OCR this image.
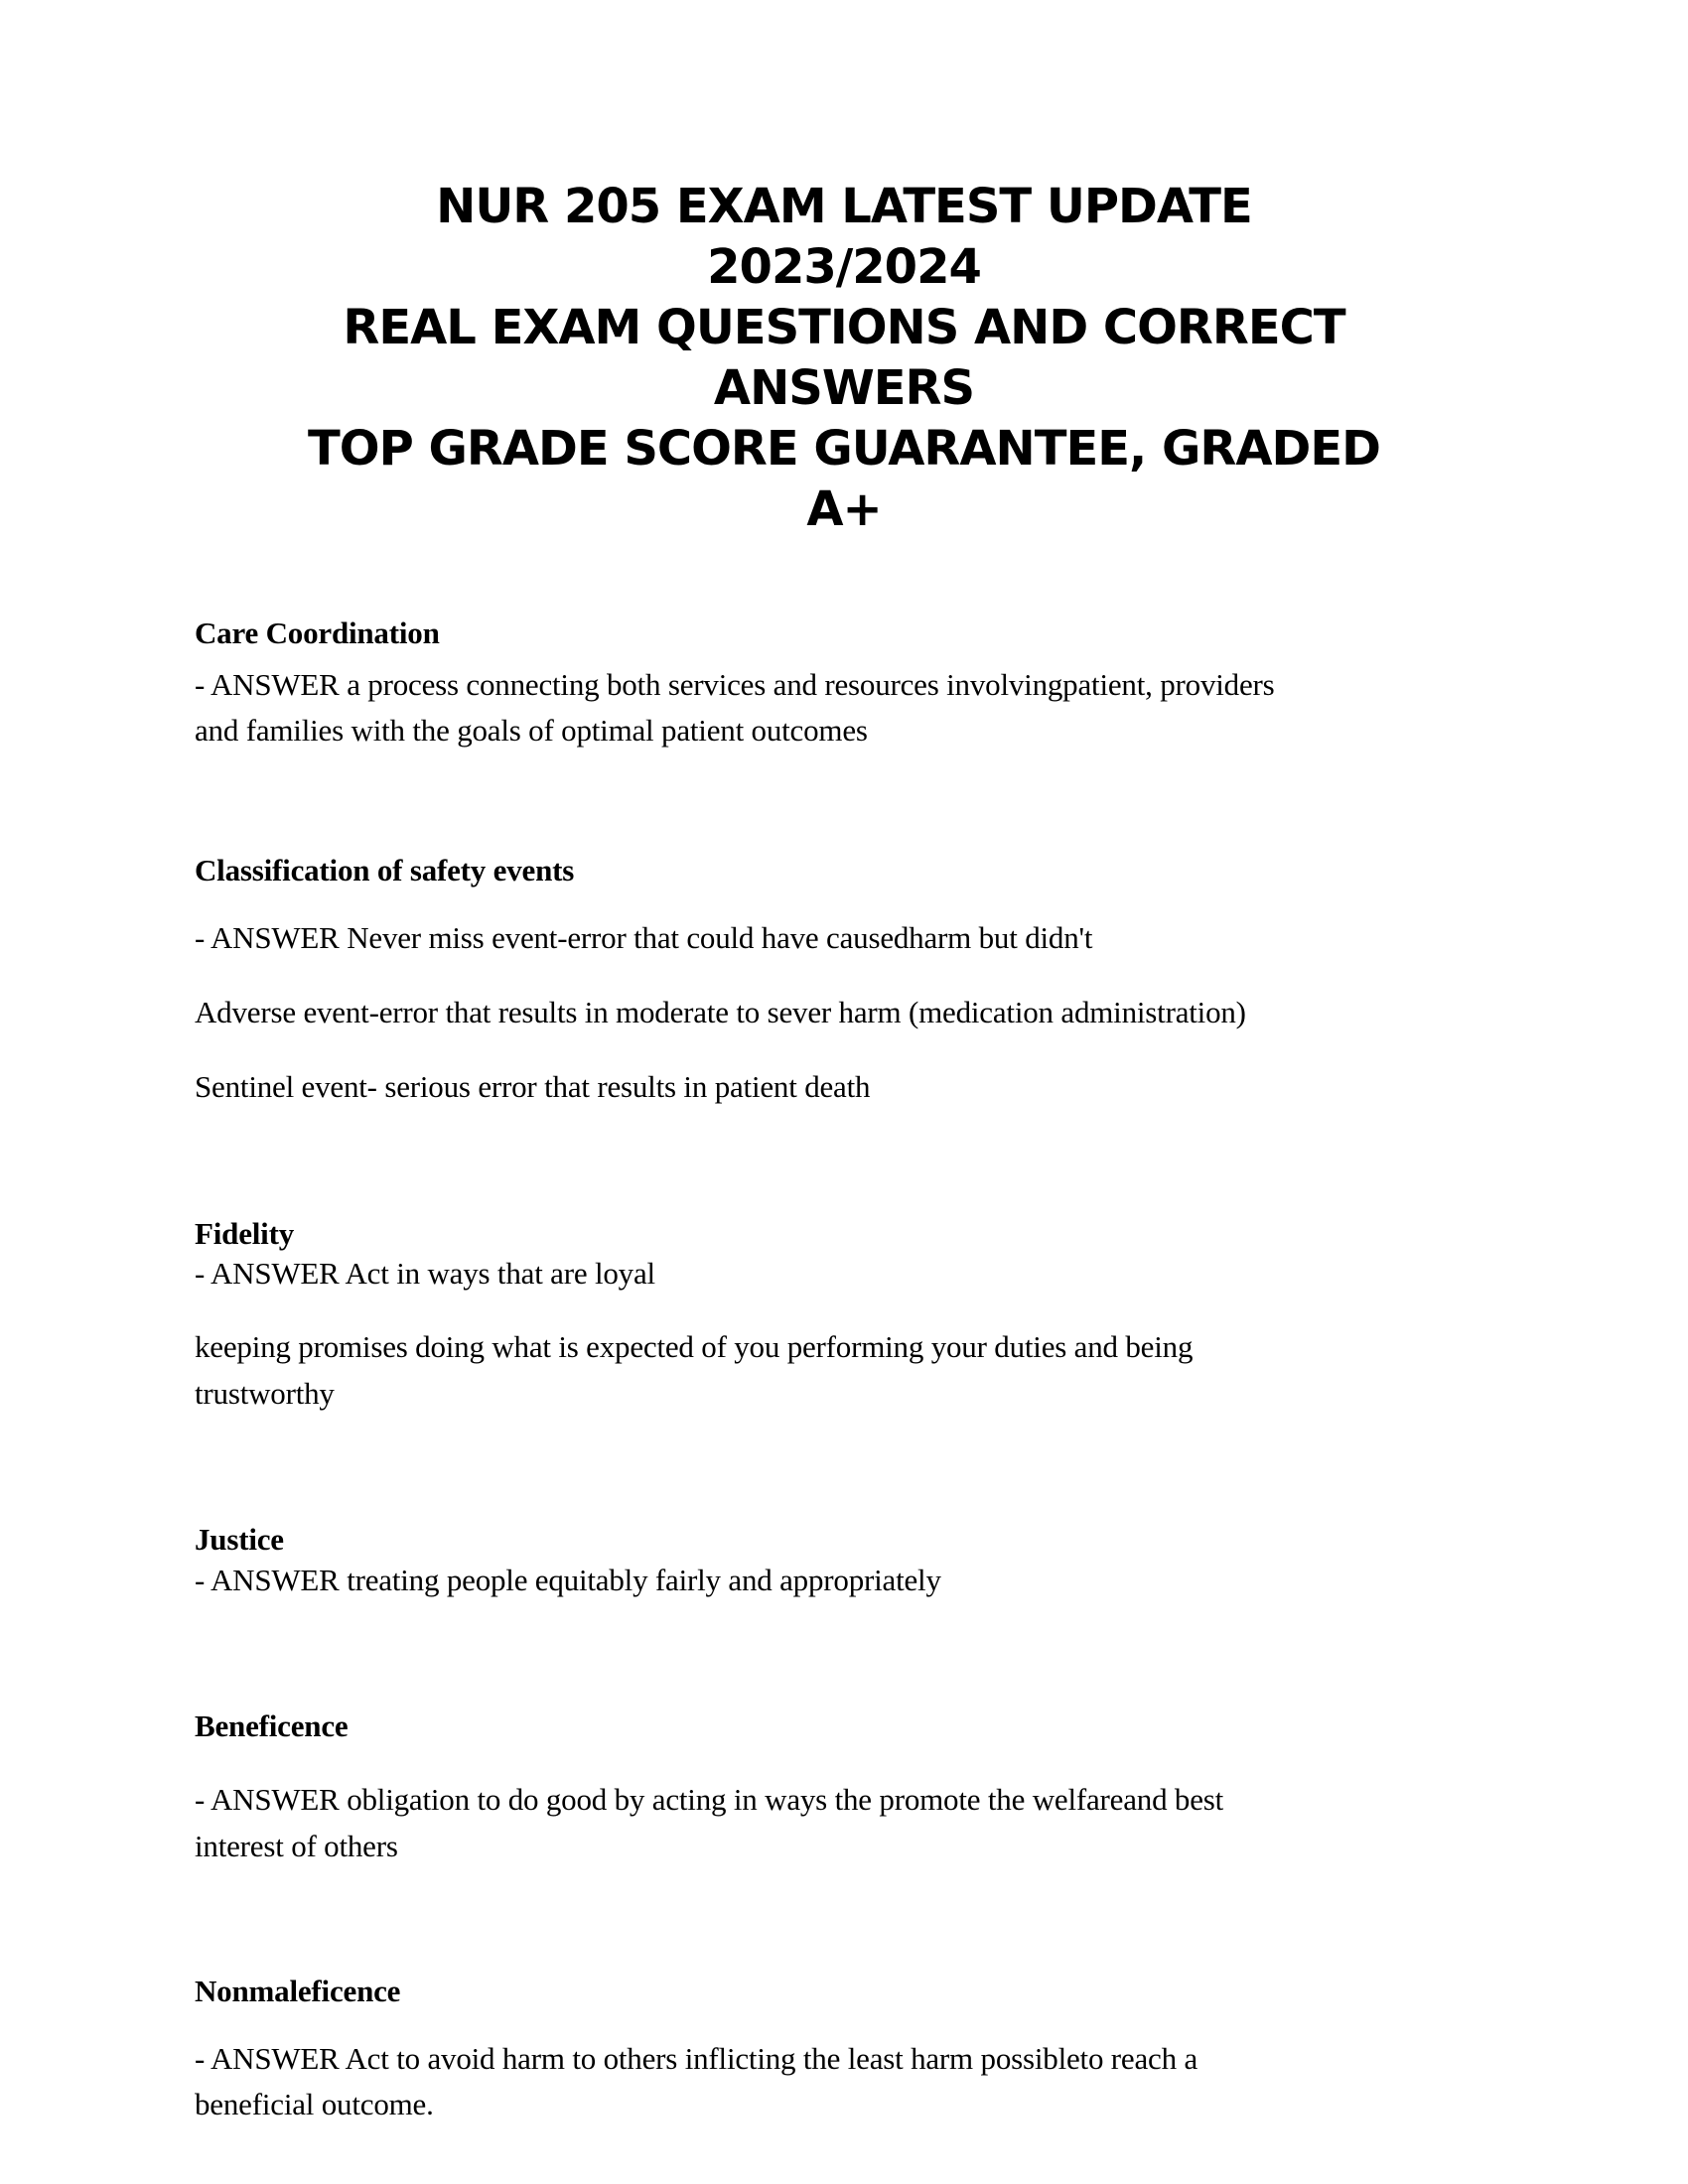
NUR 205 EXAM LATEST UPDATE
2023/2024
REAL EXAM QUESTIONS AND CORRECT
ANSWERS
TOP GRADE SCORE GUARANTEE, GRADED
A+
Care Coordination
- ANSWER a process connecting both services and resources involvingpatient, providers
and families with the goals of optimal patient outcomes
Classification of safety events
- ANSWER Never miss event-error that could have causedharm but didn't
Adverse event-error that results in moderate to sever harm (medication administration)
Sentinel event- serious error that results in patient death
Fidelity
- ANSWER Act in ways that are loyal
keeping promises doing what is expected of you performing your duties and being
trustworthy
Justice
- ANSWER treating people equitably fairly and appropriately
Beneficence
- ANSWER obligation to do good by acting in ways the promote the welfareand best
interest of others
Nonmaleficence
- ANSWER Act to avoid harm to others inflicting the least harm possibleto reach a
beneficial outcome.
